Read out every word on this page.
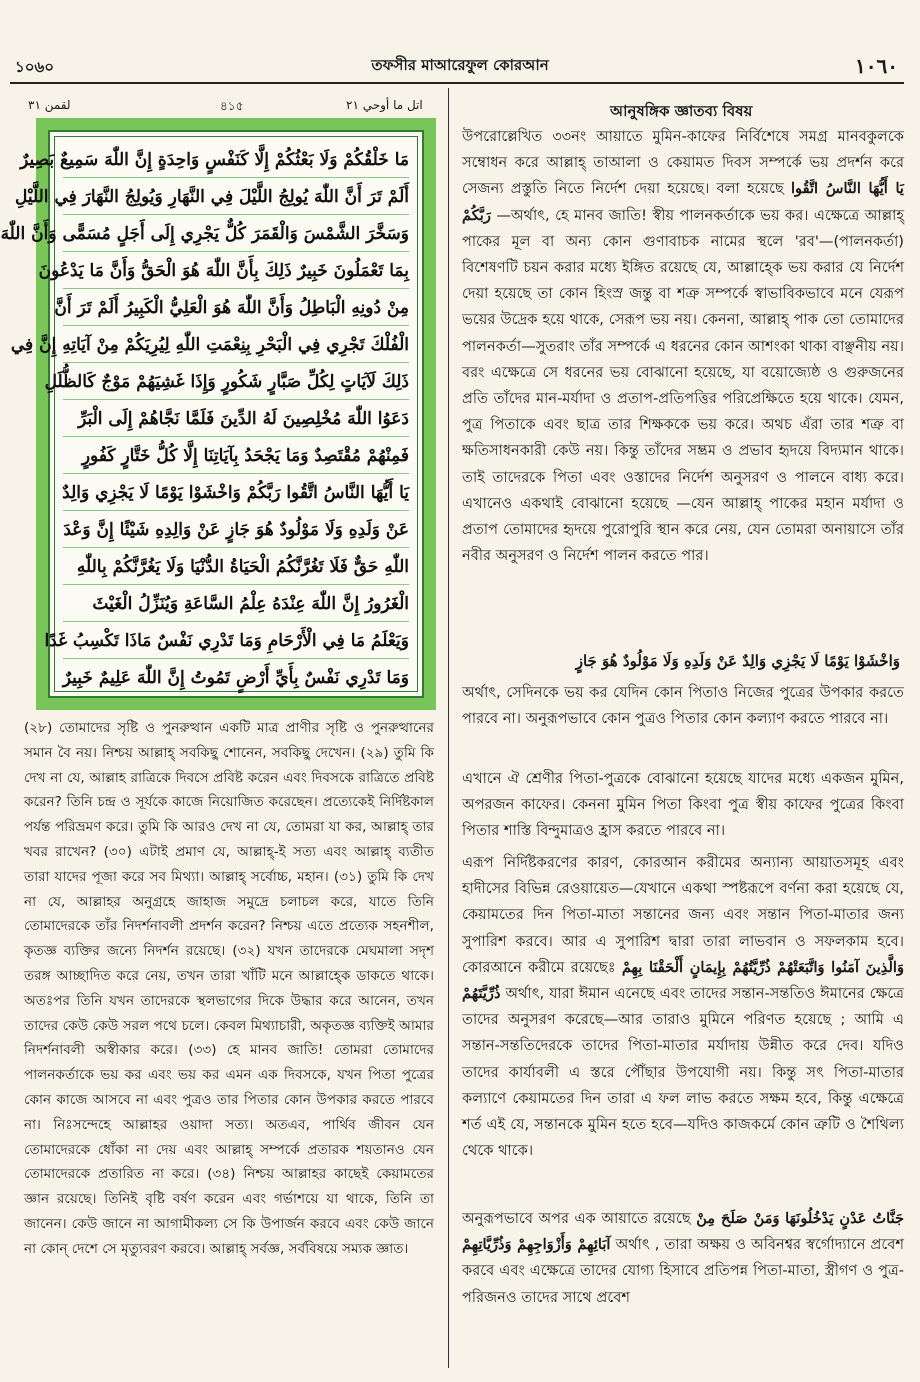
১০৬০	তফসীর মাআরেফুল কোরআন	١٠٦٠
لقمن ٣١	৪১৫	اتل ما أوحي ٢١
مَا خَلْقُكُمْ وَلَا بَعْثُكُمْ إِلَّا كَنَفْسٍ وَاحِدَةٍ إِنَّ اللّٰهَ سَمِيعٌ بَصِيرٌ
أَلَمْ تَرَ أَنَّ اللّٰهَ يُولِجُ اللَّيْلَ فِي النَّهَارِ وَيُولِجُ النَّهَارَ فِي اللَّيْلِ
وَسَخَّرَ الشَّمْسَ وَالْقَمَرَ كُلٌّ يَجْرِي إِلَى أَجَلٍ مُسَمًّى وَأَنَّ اللّٰهَ
بِمَا تَعْمَلُونَ خَبِيرٌ ذَلِكَ بِأَنَّ اللّٰهَ هُوَ الْحَقُّ وَأَنَّ مَا يَدْعُونَ
مِنْ دُونِهِ الْبَاطِلُ وَأَنَّ اللّٰهَ هُوَ الْعَلِيُّ الْكَبِيرُ أَلَمْ تَرَ أَنَّ
الْفُلْكَ تَجْرِي فِي الْبَحْرِ بِنِعْمَتِ اللّٰهِ لِيُرِيَكُمْ مِنْ آيَاتِهِ إِنَّ فِي
ذَلِكَ لَآيَاتٍ لِكُلِّ صَبَّارٍ شَكُورٍ وَإِذَا غَشِيَهُمْ مَوْجٌ كَالظُّلَلِ
دَعَوُا اللّٰهَ مُخْلِصِينَ لَهُ الدِّينَ فَلَمَّا نَجَّاهُمْ إِلَى الْبَرِّ
فَمِنْهُمْ مُقْتَصِدٌ وَمَا يَجْحَدُ بِآيَاتِنَا إِلَّا كُلُّ خَتَّارٍ كَفُورٍ
يَا أَيُّهَا النَّاسُ اتَّقُوا رَبَّكُمْ وَاخْشَوْا يَوْمًا لَا يَجْزِي وَالِدٌ
عَنْ وَلَدِهِ وَلَا مَوْلُودٌ هُوَ جَازٍ عَنْ وَالِدِهِ شَيْئًا إِنَّ وَعْدَ
اللّٰهِ حَقٌّ فَلَا تَغُرَّنَّكُمُ الْحَيَاةُ الدُّنْيَا وَلَا يَغُرَّنَّكُمْ بِاللّٰهِ
الْغَرُورُ إِنَّ اللّٰهَ عِنْدَهُ عِلْمُ السَّاعَةِ وَيُنَزِّلُ الْغَيْثَ
وَيَعْلَمُ مَا فِي الْأَرْحَامِ وَمَا تَدْرِي نَفْسٌ مَاذَا تَكْسِبُ غَدًا
وَمَا تَدْرِي نَفْسٌ بِأَيِّ أَرْضٍ تَمُوتُ إِنَّ اللّٰهَ عَلِيمٌ خَبِيرٌ
(২৮) তোমাদের সৃষ্টি ও পুনরুত্থান একটি মাত্র প্রাণীর সৃষ্টি ও পুনরুত্থানের সমান বৈ নয়। নিশ্চয় আল্লাহ্ সবকিছু শোনেন, সবকিছু দেখেন। (২৯) তুমি কি দেখ না যে, আল্লাহ রাত্রিকে দিবসে প্রবিষ্ট করেন এবং দিবসকে রাত্রিতে প্রবিষ্ট করেন? তিনি চন্দ্র ও সূর্যকে কাজে নিয়োজিত করেছেন। প্রত্যেকেই নির্দিষ্টকাল পর্যন্ত পরিভ্রমণ করে। তুমি কি আরও দেখ না যে, তোমরা যা কর, আল্লাহ্ তার খবর রাখেন? (৩০) এটাই প্রমাণ যে, আল্লাহ্-ই সত্য এবং আল্লাহ্ ব্যতীত তারা যাদের পূজা করে সব মিথ্যা। আল্লাহ্ সর্বোচ্চ, মহান। (৩১) তুমি কি দেখ না যে, আল্লাহর অনুগ্রহে জাহাজ সমুদ্রে চলাচল করে, যাতে তিনি তোমাদেরকে তাঁর নিদর্শনাবলী প্রদর্শন করেন? নিশ্চয় এতে প্রত্যেক সহনশীল, কৃতজ্ঞ ব্যক্তির জন্যে নিদর্শন রয়েছে। (৩২) যখন তাদেরকে মেঘমালা সদৃশ তরঙ্গ আচ্ছাদিত করে নেয়, তখন তারা খাঁটি মনে আল্লাহ্কে ডাকতে থাকে। অতঃপর তিনি যখন তাদেরকে স্থলভাগের দিকে উদ্ধার করে আনেন, তখন তাদের কেউ কেউ সরল পথে চলে। কেবল মিথ্যাচারী, অকৃতজ্ঞ ব্যক্তিই আমার নিদর্শনাবলী অস্বীকার করে। (৩৩) হে মানব জাতি! তোমরা তোমাদের পালনকর্তাকে ভয় কর এবং ভয় কর এমন এক দিবসকে, যখন পিতা পুত্রের কোন কাজে আসবে না এবং পুত্রও তার পিতার কোন উপকার করতে পারবে না। নিঃসন্দেহে আল্লাহর ওয়াদা সত্য। অতএব, পার্থিব জীবন যেন তোমাদেরকে ধোঁকা না দেয় এবং আল্লাহ্ সম্পর্কে প্রতারক শয়তানও যেন তোমাদেরকে প্রতারিত না করে। (৩৪) নিশ্চয় আল্লাহর কাছেই কেয়ামতের জ্ঞান রয়েছে। তিনিই বৃষ্টি বর্ষণ করেন এবং গর্ভাশয়ে যা থাকে, তিনি তা জানেন। কেউ জানে না আগামীকল্য সে কি উপার্জন করবে এবং কেউ জানে না কোন্ দেশে সে মৃত্যুবরণ করবে। আল্লাহ্ সর্বজ্ঞ, সর্ববিষয়ে সম্যক জ্ঞাত।
আনুষঙ্গিক জ্ঞাতব্য বিষয়
উপরোল্লেখিত ৩৩নং আয়াতে মুমিন-কাফের নির্বিশেষে সমগ্র মানবকুলকে সম্বোধন করে আল্লাহ্ তাআলা ও কেয়ামত দিবস সম্পর্কে ভয় প্রদর্শন করে সেজন্য প্রস্তুতি নিতে নির্দেশ দেয়া হয়েছে। বলা হয়েছে يَا أَيُّهَا النَّاسُ اتَّقُوا رَبَّكُمْ —অর্থাৎ, হে মানব জাতি! স্বীয় পালনকর্তাকে ভয় কর। এক্ষেত্রে আল্লাহ্ পাকের মূল বা অন্য কোন গুণাবাচক নামের স্থলে 'রব'—(পালনকর্তা) বিশেষণটি চয়ন করার মধ্যে ইঙ্গিত রয়েছে যে, আল্লাহ্কে ভয় করার যে নির্দেশ দেয়া হয়েছে তা কোন হিংস্র জন্তু বা শত্রু সম্পর্কে স্বাভাবিকভাবে মনে যেরূপ ভয়ের উদ্রেক হয়ে থাকে, সেরূপ ভয় নয়। কেননা, আল্লাহ্ পাক তো তোমাদের পালনকর্তা—সুতরাং তাঁর সম্পর্কে এ ধরনের কোন আশংকা থাকা বাঞ্ছনীয় নয়। বরং এক্ষেত্রে সে ধরনের ভয় বোঝানো হয়েছে, যা বয়োজ্যেষ্ঠ ও গুরুজনের প্রতি তাঁদের মান-মর্যাদা ও প্রতাপ-প্রতিপত্তির পরিপ্রেক্ষিতে হয়ে থাকে। যেমন, পুত্র পিতাকে এবং ছাত্র তার শিক্ষককে ভয় করে। অথচ এঁরা তার শত্রু বা ক্ষতিসাধনকারী কেউ নয়। কিন্তু তাঁদের সম্ভ্রম ও প্রভাব হৃদয়ে বিদ্যমান থাকে। তাই তাদেরকে পিতা এবং ওস্তাদের নির্দেশ অনুসরণ ও পালনে বাধ্য করে। এখানেও একথাই বোঝানো হয়েছে —যেন আল্লাহ্ পাকের মহান মর্যাদা ও প্রতাপ তোমাদের হৃদয়ে পুরোপুরি স্থান করে নেয়, যেন তোমরা অনায়াসে তাঁর নবীর অনুসরণ ও নির্দেশ পালন করতে পার।
وَاخْشَوْا يَوْمًا لَا يَجْزِي وَالِدٌ عَنْ وَلَدِهِ وَلَا مَوْلُودٌ هُوَ جَازٍ
অর্থাৎ, সেদিনকে ভয় কর যেদিন কোন পিতাও নিজের পুত্রের উপকার করতে পারবে না। অনুরূপভাবে কোন পুত্রও পিতার কোন কল্যাণ করতে পারবে না।
এখানে ঐ শ্রেণীর পিতা-পুত্রকে বোঝানো হয়েছে যাদের মধ্যে একজন মুমিন, অপরজন কাফের। কেননা মুমিন পিতা কিংবা পুত্র স্বীয় কাফের পুত্রের কিংবা পিতার শাস্তি বিন্দুমাত্রও হ্রাস করতে পারবে না।
এরূপ নির্দিষ্টকরণের কারণ, কোরআন করীমের অন্যান্য আয়াতসমূহ এবং হাদীসের বিভিন্ন রেওয়ায়েত—যেখানে একথা স্পষ্টরূপে বর্ণনা করা হয়েছে যে, কেয়ামতের দিন পিতা-মাতা সন্তানের জন্য এবং সন্তান পিতা-মাতার জন্য সুপারিশ করবে। আর এ সুপারিশ দ্বারা তারা লাভবান ও সফলকাম হবে। কোরআনে করীমে রয়েছেঃ	وَالَّذِينَ آمَنُوا وَاتَّبَعَتْهُمْ ذُرِّيَّتُهُمْ بِإِيمَانٍ أَلْحَقْنَا بِهِمْ ذُرِّيَّتَهُمْ অর্থাৎ, যারা ঈমান এনেছে এবং তাদের সন্তান-সন্ততিও ঈমানের ক্ষেত্রে তাদের অনুসরণ করেছে—আর তারাও মুমিনে পরিণত হয়েছে ; আমি এ সন্তান-সন্ততিদেরকে তাদের পিতা-মাতার মর্যাদায় উন্নীত করে দেব। যদিও তাদের কার্যাবলী এ স্তরে পৌঁছার উপযোগী নয়। কিন্তু সৎ পিতা-মাতার কল্যাণে কেয়ামতের দিন তারা এ ফল লাভ করতে সক্ষম হবে, কিন্তু এক্ষেত্রে শর্ত এই যে, সন্তানকে মুমিন হতে হবে—যদিও কাজকর্মে কোন ত্রুটি ও শৈথিল্য থেকে থাকে।
অনুরূপভাবে অপর এক আয়াতে রয়েছে	جَنَّاتُ عَدْنٍ يَدْخُلُونَهَا وَمَنْ صَلَحَ مِنْ آبَائِهِمْ وَأَزْوَاجِهِمْ وَذُرِّيَّاتِهِمْ অর্থাৎ , তারা অক্ষয় ও অবিনশ্বর স্বর্গোদ্যানে প্রবেশ করবে এবং এক্ষেত্রে তাদের যোগ্য হিসাবে প্রতিপন্ন পিতা-মাতা, স্ত্রীগণ ও পুত্র-পরিজনও তাদের সাথে প্রবেশ
